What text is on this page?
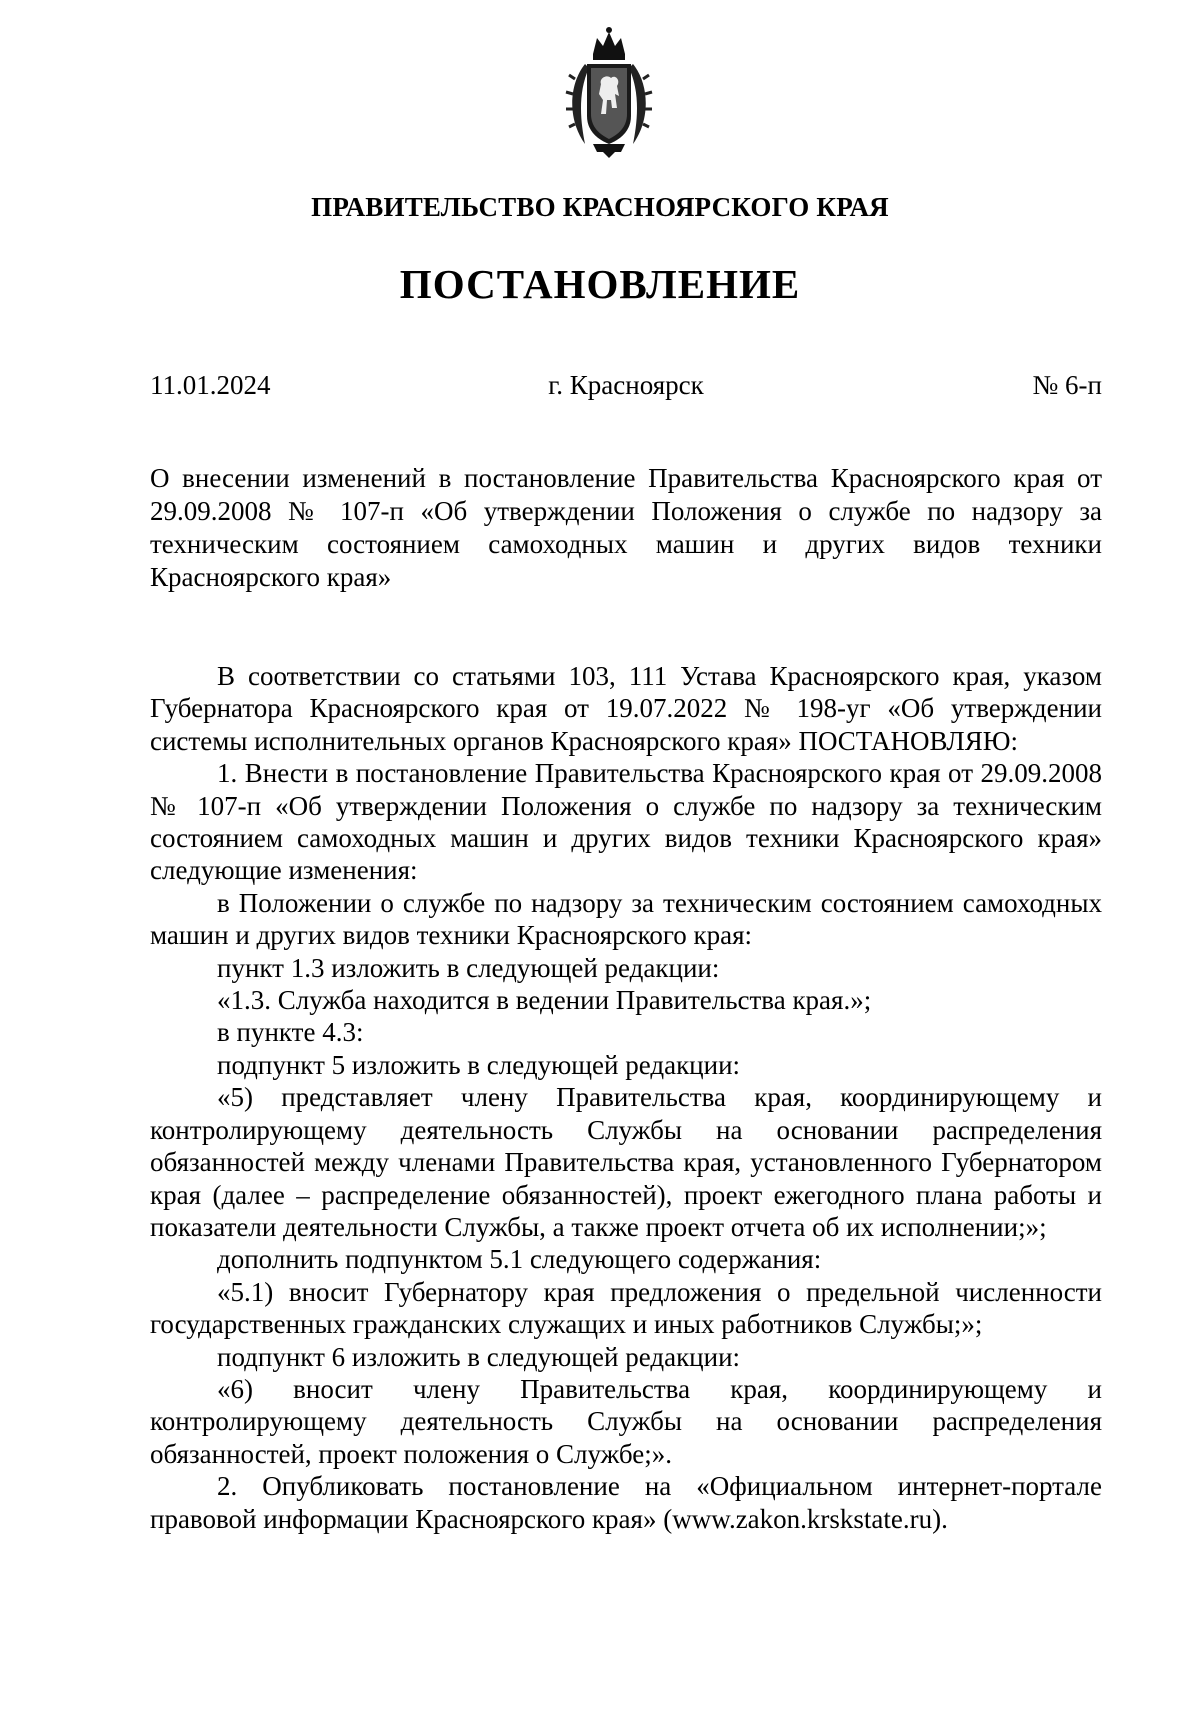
ПРАВИТЕЛЬСТВО КРАСНОЯРСКОГО КРАЯ
ПОСТАНОВЛЕНИЕ
г. Красноярск
11.01.2024	№ 6-п
О внесении изменений в постановление Правительства Красноярского края от 29.09.2008 № 107-п «Об утверждении Положения о службе по надзору за техническим состоянием самоходных машин и других видов техники Красноярского края»

В соответствии со статьями 103, 111 Устава Красноярского края, указом Губернатора Красноярского края от 19.07.2022 № 198-уг «Об утверждении системы исполнительных органов Красноярского края» ПОСТАНОВЛЯЮ:

1. Внести в постановление Правительства Красноярского края от 29.09.2008 № 107-п «Об утверждении Положения о службе по надзору за техническим состоянием самоходных машин и других видов техники Красноярского края» следующие изменения:

в Положении о службе по надзору за техническим состоянием самоходных машин и других видов техники Красноярского края:

пункт 1.3 изложить в следующей редакции:

«1.3. Служба находится в ведении Правительства края.»;

в пункте 4.3:

подпункт 5 изложить в следующей редакции:

«5) представляет члену Правительства края, координирующему и контролирующему деятельность Службы на основании распределения обязанностей между членами Правительства края, установленного Губернатором края (далее – распределение обязанностей), проект ежегодного плана работы и показатели деятельности Службы, а также проект отчета об их исполнении;»;

дополнить подпунктом 5.1 следующего содержания:

«5.1) вносит Губернатору края предложения о предельной численности государственных гражданских служащих и иных работников Службы;»;

подпункт 6 изложить в следующей редакции:

«6) вносит члену Правительства края, координирующему и контролирующему деятельность Службы на основании распределения обязанностей, проект положения о Службе;».

2. Опубликовать постановление на «Официальном интернет-портале правовой информации Красноярского края» (www.zakon.krskstate.ru).
